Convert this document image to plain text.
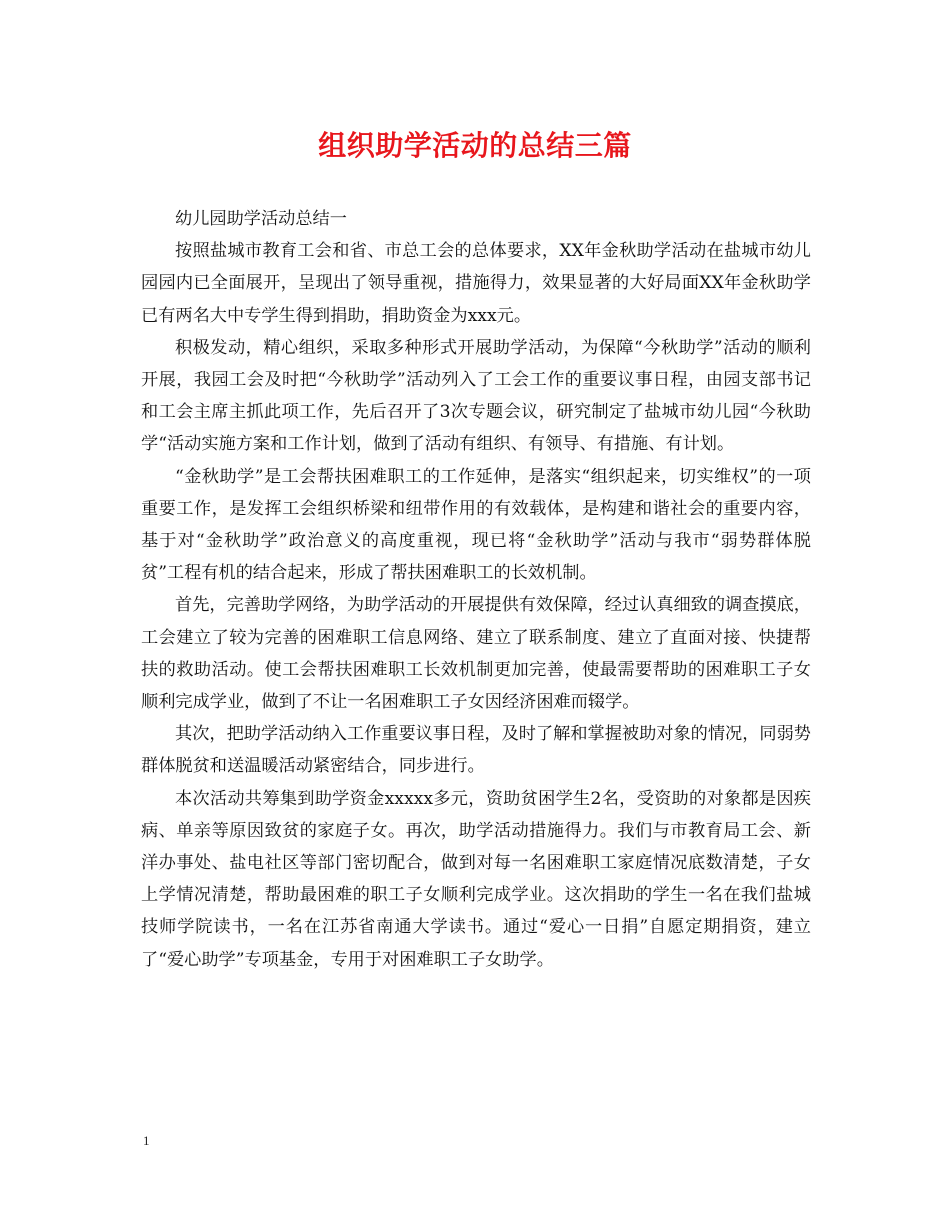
组织助学活动的总结三篇

幼儿园助学活动总结一

按照盐城市教育工会和省、市总工会的总体要求，XX年金秋助学活动在盐城市幼儿园园内已全面展开，呈现出了领导重视，措施得力，效果显著的大好局面XX年金秋助学已有两名大中专学生得到捐助，捐助资金为xxx元。

积极发动，精心组织，采取多种形式开展助学活动，为保障“今秋助学”活动的顺利开展，我园工会及时把“今秋助学”活动列入了工会工作的重要议事日程，由园支部书记和工会主席主抓此项工作，先后召开了3次专题会议，研究制定了盐城市幼儿园“今秋助学“活动实施方案和工作计划，做到了活动有组织、有领导、有措施、有计划。

“金秋助学”是工会帮扶困难职工的工作延伸，是落实“组织起来，切实维权”的一项重要工作，是发挥工会组织桥梁和纽带作用的有效载体，是构建和谐社会的重要内容，基于对“金秋助学”政治意义的高度重视，现已将“金秋助学”活动与我市“弱势群体脱贫”工程有机的结合起来，形成了帮扶困难职工的长效机制。

首先，完善助学网络，为助学活动的开展提供有效保障，经过认真细致的调查摸底，工会建立了较为完善的困难职工信息网络、建立了联系制度、建立了直面对接、快捷帮扶的救助活动。使工会帮扶困难职工长效机制更加完善，使最需要帮助的困难职工子女顺利完成学业，做到了不让一名困难职工子女因经济困难而辍学。

其次，把助学活动纳入工作重要议事日程，及时了解和掌握被助对象的情况，同弱势群体脱贫和送温暖活动紧密结合，同步进行。

本次活动共筹集到助学资金xxxxx多元，资助贫困学生2名，受资助的对象都是因疾病、单亲等原因致贫的家庭子女。再次，助学活动措施得力。我们与市教育局工会、新洋办事处、盐电社区等部门密切配合，做到对每一名困难职工家庭情况底数清楚，子女上学情况清楚，帮助最困难的职工子女顺利完成学业。这次捐助的学生一名在我们盐城技师学院读书，一名在江苏省南通大学读书。通过“爱心一日捐”自愿定期捐资，建立了“爱心助学”专项基金，专用于对困难职工子女助学。

1
